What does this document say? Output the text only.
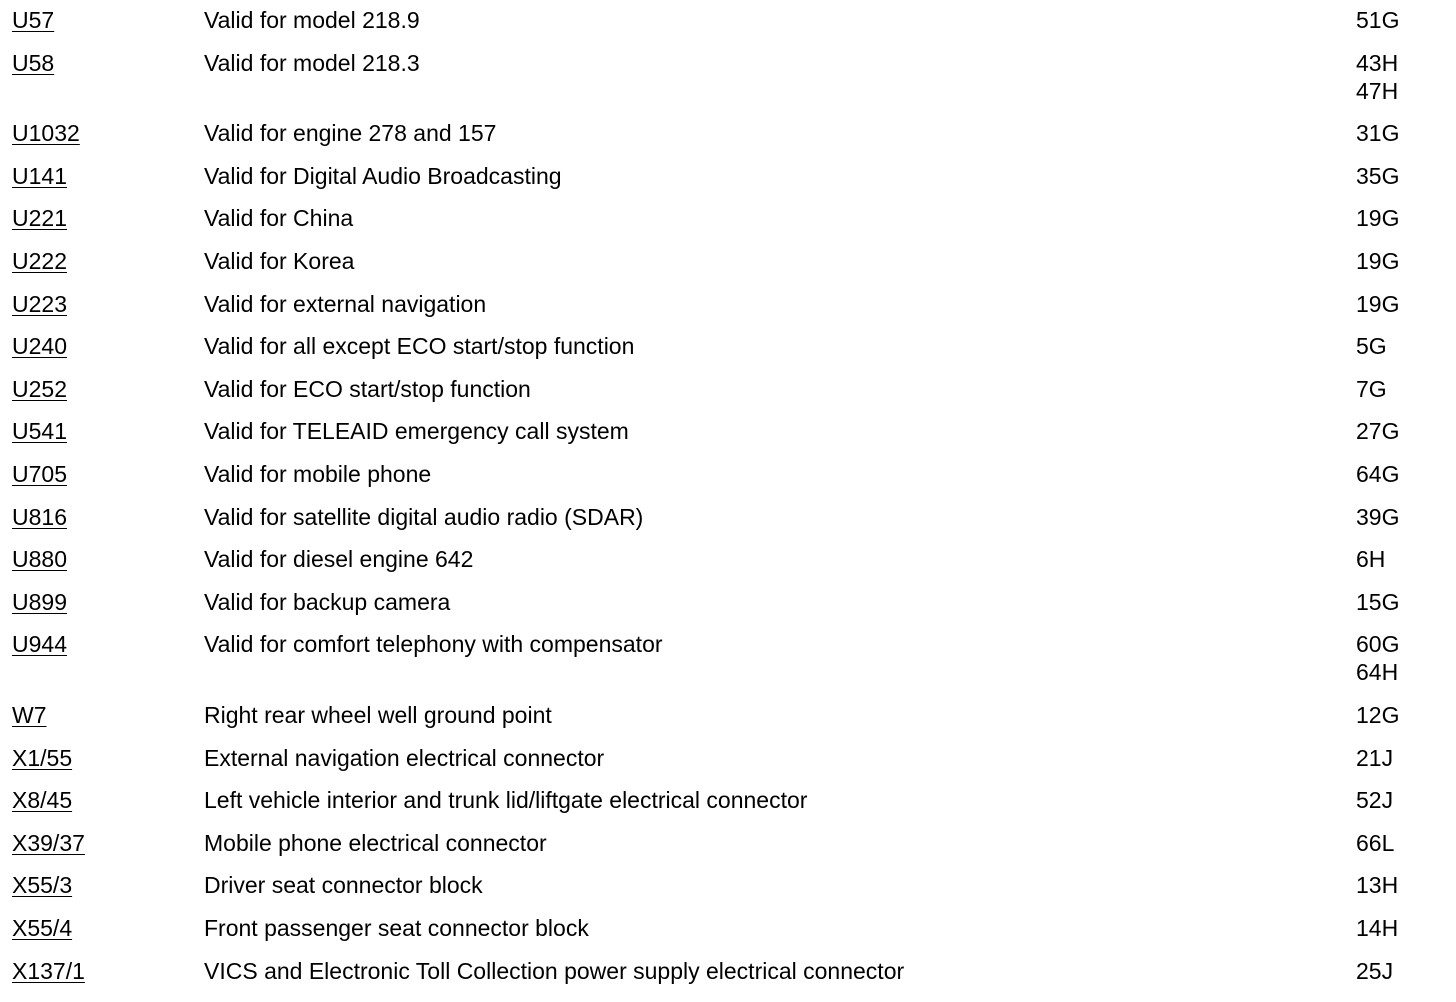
U57	Valid for model 218.9	51G
U58	Valid for model 218.3	43H
47H
U1032	Valid for engine 278 and 157	31G
U141	Valid for Digital Audio Broadcasting	35G
U221	Valid for China	19G
U222	Valid for Korea	19G
U223	Valid for external navigation	19G
U240	Valid for all except ECO start/stop function	5G
U252	Valid for ECO start/stop function	7G
U541	Valid for TELEAID emergency call system	27G
U705	Valid for mobile phone	64G
U816	Valid for satellite digital audio radio (SDAR)	39G
U880	Valid for diesel engine 642	6H
U899	Valid for backup camera	15G
U944	Valid for comfort telephony with compensator	60G
64H
W7	Right rear wheel well ground point	12G
X1/55	External navigation electrical connector	21J
X8/45	Left vehicle interior and trunk lid/liftgate electrical connector	52J
X39/37	Mobile phone electrical connector	66L
X55/3	Driver seat connector block	13H
X55/4	Front passenger seat connector block	14H
X137/1	VICS and Electronic Toll Collection power supply electrical connector	25J
